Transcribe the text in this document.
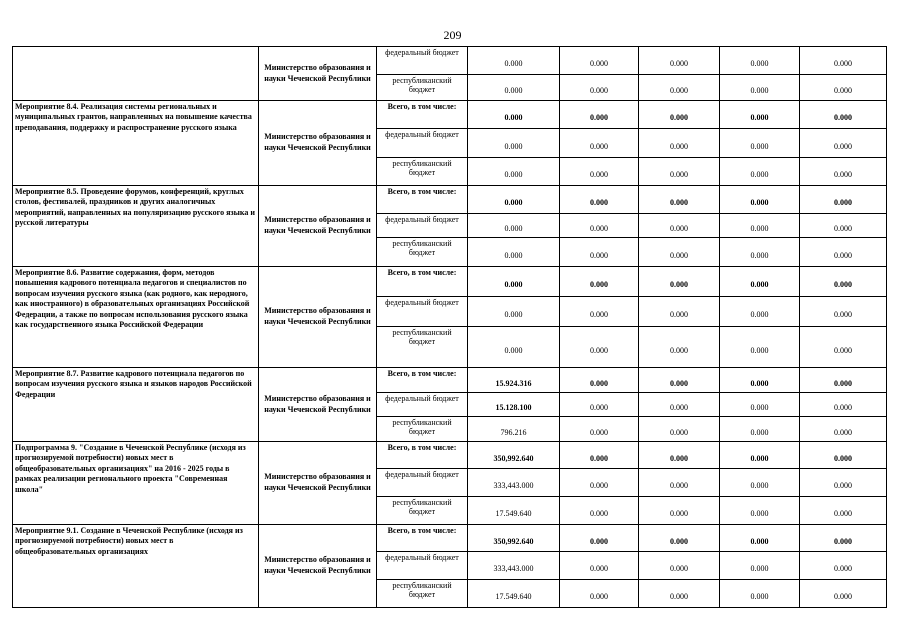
209
	Министерство образования и науки Чеченской Республики	федеральный бюджет	0.000	0.000	0.000	0.000	0.000
		республиканский бюджет	0.000	0.000	0.000	0.000	0.000
Мероприятие 8.4. Реализация системы региональных и муниципальных грантов, направленных на повышение качества преподавания, поддержку и распространение русского языка	Министерство образования и науки Чеченской Республики	Всего, в том числе:	0.000	0.000	0.000	0.000	0.000
		федеральный бюджет	0.000	0.000	0.000	0.000	0.000
		республиканский бюджет	0.000	0.000	0.000	0.000	0.000
Мероприятие 8.5. Проведение форумов, конференций, круглых столов, фестивалей, праздников и других аналогичных мероприятий, направленных на популяризацию русского языка и русской литературы	Министерство образования и науки Чеченской Республики	Всего, в том числе:	0.000	0.000	0.000	0.000	0.000
		федеральный бюджет	0.000	0.000	0.000	0.000	0.000
		республиканский бюджет	0.000	0.000	0.000	0.000	0.000
Мероприятие 8.6. Развитие содержания, форм, методов повышения кадрового потенциала педагогов и специалистов по вопросам изучения русского языка (как родного, как неродного, как иностранного) в образовательных организациях Российской Федерации, а также по вопросам использования русского языка как государственного языка Российской Федерации	Министерство образования и науки Чеченской Республики	Всего, в том числе:	0.000	0.000	0.000	0.000	0.000
		федеральный бюджет	0.000	0.000	0.000	0.000	0.000
		республиканский бюджет	0.000	0.000	0.000	0.000	0.000
Мероприятие 8.7. Развитие кадрового потенциала педагогов по вопросам изучения русского языка и языков народов Российской Федерации	Министерство образования и науки Чеченской Республики	Всего, в том числе:	15.924.316	0.000	0.000	0.000	0.000
		федеральный бюджет	15.128.100	0.000	0.000	0.000	0.000
		республиканский бюджет	796.216	0.000	0.000	0.000	0.000
Подпрограмма 9. "Создание в Чеченской Республике (исходя из прогнозируемой потребности) новых мест в общеобразовательных организациях" на 2016 - 2025 годы в рамках реализации регионального проекта "Современная школа"	Министерство образования и науки Чеченской Республики	Всего, в том числе:	350,992.640	0.000	0.000	0.000	0.000
		федеральный бюджет	333,443.000	0.000	0.000	0.000	0.000
		республиканский бюджет	17.549.640	0.000	0.000	0.000	0.000
Мероприятие 9.1. Создание в Чеченской Республике (исходя из прогнозируемой потребности) новых мест в общеобразовательных организациях	Министерство образования и науки Чеченской Республики	Всего, в том числе:	350,992.640	0.000	0.000	0.000	0.000
		федеральный бюджет	333,443.000	0.000	0.000	0.000	0.000
		республиканский бюджет	17.549.640	0.000	0.000	0.000	0.000
